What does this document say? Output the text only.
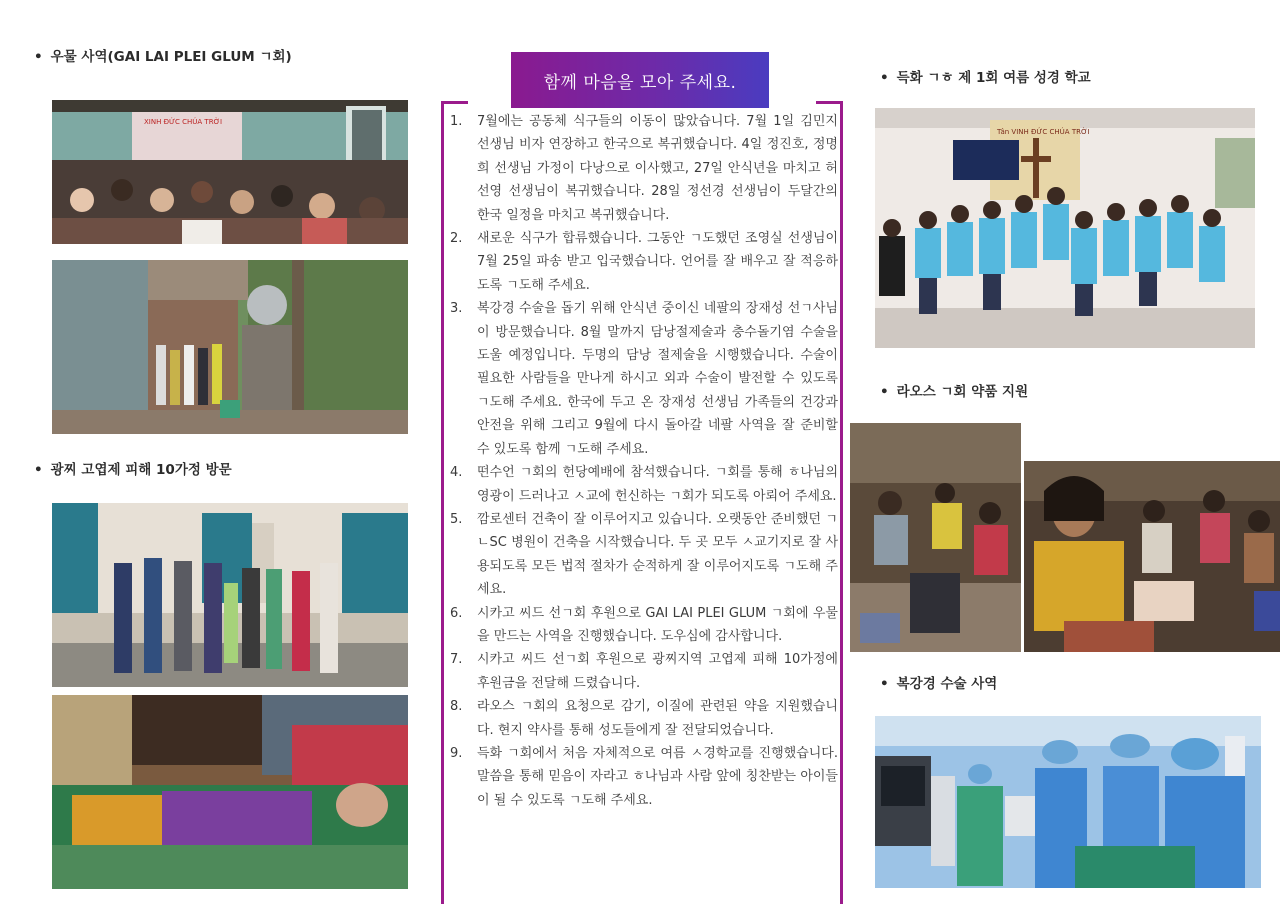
• 우물 사역(GAI LAI PLEI GLUM ㄱ회)
XINH ĐỨC CHÚA TRỜI
• 광찌 고엽제 피해 10가정 방문
함께 마음을 모아 주세요.
1.	7월에는 공동체 식구들의 이동이 많았습니다. 7월 1일 김민지 선생님 비자 연장하고 한국으로 복귀했습니다. 4일 정진호, 정명희 선생님 가정이 다낭으로 이사했고, 27일 안식년을 마치고 허선영 선생님이 복귀했습니다. 28일 정선경 선생님이 두달간의 한국 일정을 마치고 복귀했습니다.
2.	새로운 식구가 합류했습니다. 그동안 ㄱ도했던 조영실 선생님이 7월 25일 파송 받고 입국했습니다. 언어를 잘 배우고 잘 적응하도록 ㄱ도해 주세요.
3.	복강경 수술을 돕기 위해 안식년 중이신 네팔의 장재성 선ㄱ사님이 방문했습니다. 8월 말까지 담낭절제술과 충수돌기염 수술을 도울 예정입니다. 두명의 담낭 절제술을 시행했습니다. 수술이 필요한 사람들을 만나게 하시고 외과 수술이 발전할 수 있도록 ㄱ도해 주세요. 한국에 두고 온 장재성 선생님 가족들의 건강과 안전을 위해 그리고 9월에 다시 돌아갈 네팔 사역을 잘 준비할 수 있도록 함께 ㄱ도해 주세요.
4.	떤수언 ㄱ회의 헌당예배에 참석했습니다. ㄱ회를 통해 ㅎ나님의 영광이 드러나고 ㅅ교에 헌신하는 ㄱ회가 되도록 아뢰어 주세요.
5.	깜로센터 건축이 잘 이루어지고 있습니다. 오랫동안 준비했던 ㄱㄴSC 병원이 건축을 시작했습니다. 두 곳 모두 ㅅ교기지로 잘 사용되도록 모든 법적 절차가 순적하게 잘 이루어지도록 ㄱ도해 주세요.
6.	시카고 씨드 선ㄱ회 후원으로 GAI LAI PLEI GLUM ㄱ회에 우물을 만드는 사역을 진행했습니다. 도우심에 감사합니다.
7.	시카고 씨드 선ㄱ회 후원으로 광찌지역 고엽제 피해 10가정에 후원금을 전달해 드렸습니다.
8.	라오스 ㄱ회의 요청으로 감기, 이질에 관련된 약을 지원했습니다. 현지 약사를 통해 성도들에게 잘 전달되었습니다.
9.	득화 ㄱ회에서 처음 자체적으로 여름 ㅅ경학교를 진행했습니다. 말씀을 통해 믿음이 자라고 ㅎ나님과 사람 앞에 칭찬받는 아이들이 될 수 있도록 ㄱ도해 주세요.
• 득화 ㄱㅎ 제 1회 여름 성경 학교
Tân VINH ĐỨC CHÚA TRỜI
• 라오스 ㄱ회 약품 지원
• 복강경 수술 사역
